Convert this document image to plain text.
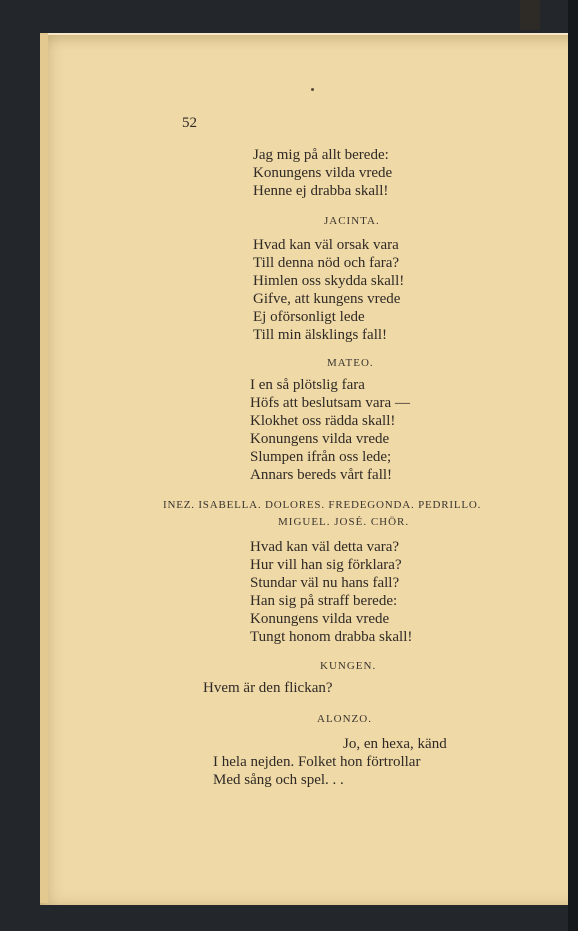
52
Jag mig på allt berede:
Konungens vilda vrede
Henne ej drabba skall!
JACINTA.
Hvad kan väl orsak vara
Till denna nöd och fara?
Himlen oss skydda skall!
Gifve, att kungens vrede
Ej oförsonligt lede
Till min älsklings fall!
MATEO.
I en så plötslig fara
Höfs att beslutsam vara —
Klokhet oss rädda skall!
Konungens vilda vrede
Slumpen ifrån oss lede;
Annars bereds vårt fall!
INEZ. ISABELLA. DOLORES. FREDEGONDA. PEDRILLO.
MIGUEL. JOSÉ. CHÖR.
Hvad kan väl detta vara?
Hur vill han sig förklara?
Stundar väl nu hans fall?
Han sig på straff berede:
Konungens vilda vrede
Tungt honom drabba skall!
KUNGEN.
Hvem är den flickan?
ALONZO.
Jo, en hexa, känd
I hela nejden. Folket hon förtrollar
Med sång och spel. . .
